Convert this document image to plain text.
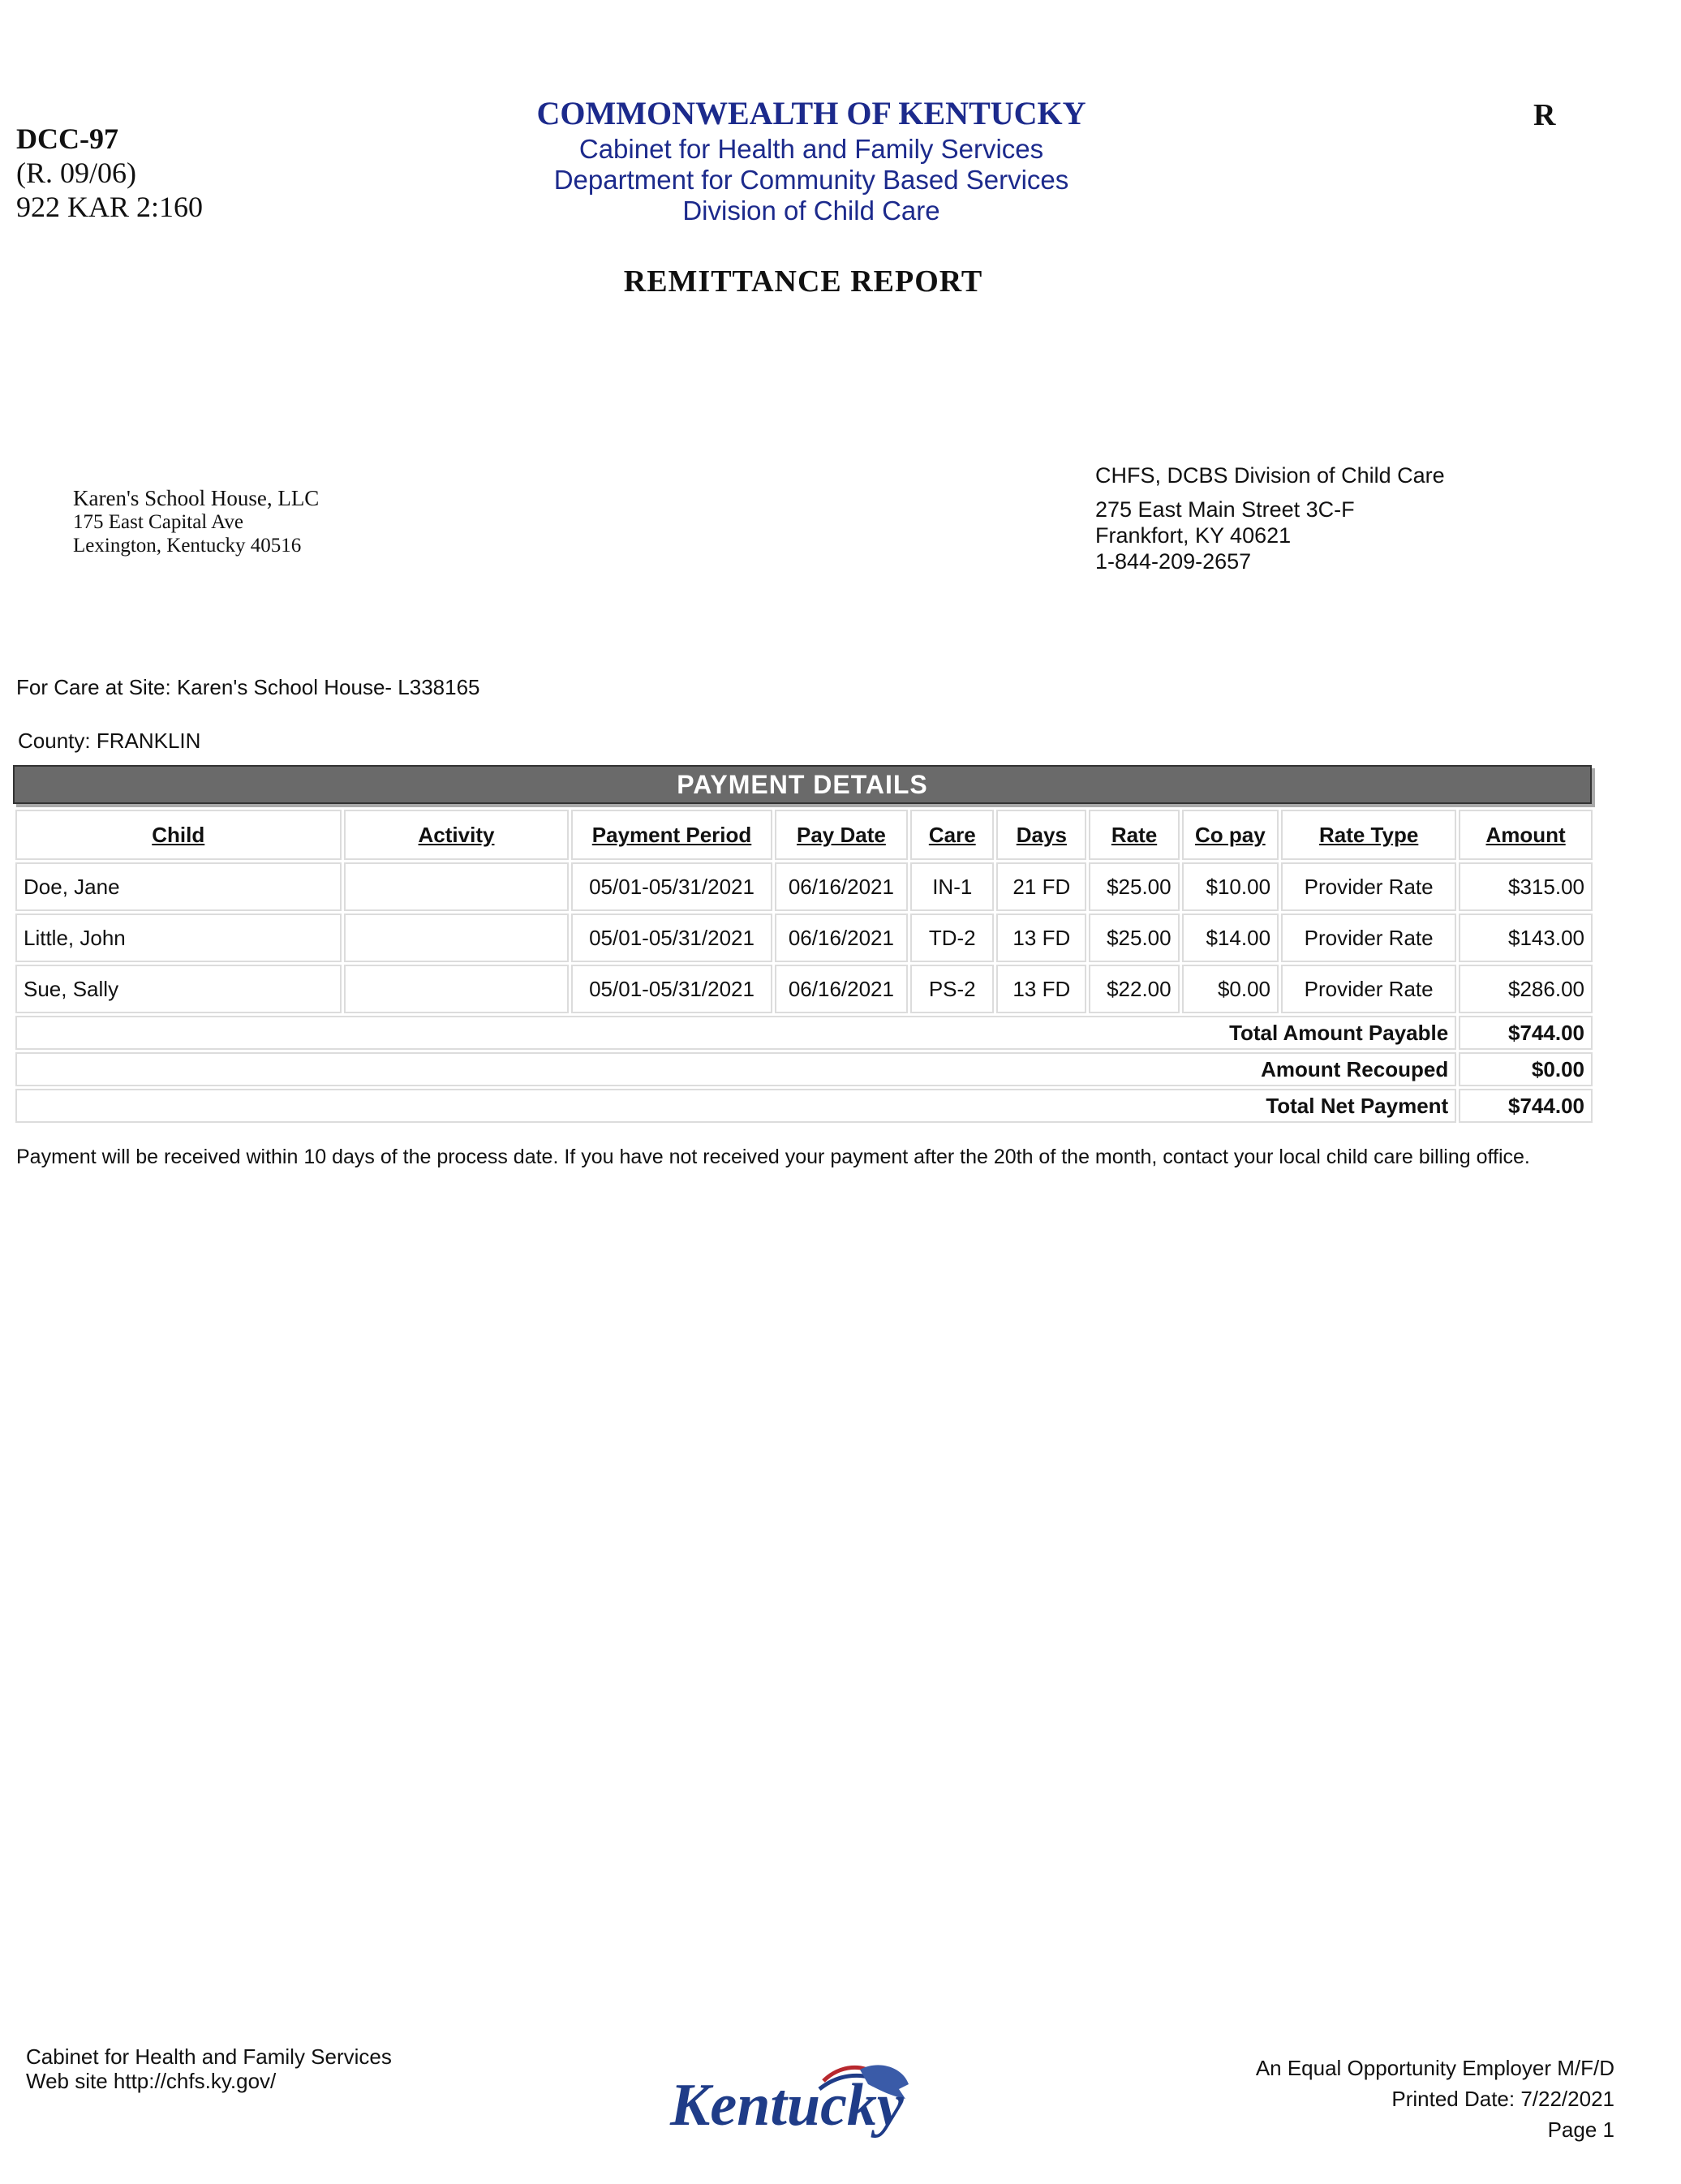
DCC-97
(R. 09/06)
922 KAR 2:160
COMMONWEALTH OF KENTUCKY
Cabinet for Health and Family Services
Department for Community Based Services
Division of Child Care
R
REMITTANCE REPORT
Karen's School House, LLC
175 East Capital Ave
Lexington, Kentucky 40516
CHFS, DCBS Division of Child Care
275 East Main Street 3C-F
Frankfort, KY 40621
1-844-209-2657
For Care at Site: Karen's School House- L338165
County: FRANKLIN
PAYMENT DETAILS
Child	Activity	Payment Period	Pay Date	Care	Days	Rate	Co pay	Rate Type	Amount
Doe, Jane		05/01-05/31/2021	06/16/2021	IN-1	21 FD	$25.00	$10.00	Provider Rate	$315.00
Little, John		05/01-05/31/2021	06/16/2021	TD-2	13 FD	$25.00	$14.00	Provider Rate	$143.00
Sue, Sally		05/01-05/31/2021	06/16/2021	PS-2	13 FD	$22.00	$0.00	Provider Rate	$286.00
Total Amount Payable									$744.00
Amount Recouped									$0.00
Total Net Payment									$744.00
Payment will be received within 10 days of the process date. If you have not received your payment after the 20th of the month, contact your local child care billing office.
Cabinet for Health and Family Services
Web site http://chfs.ky.gov/	Kentucky
An Equal Opportunity Employer M/F/D
Printed Date: 7/22/2021
Page 1
